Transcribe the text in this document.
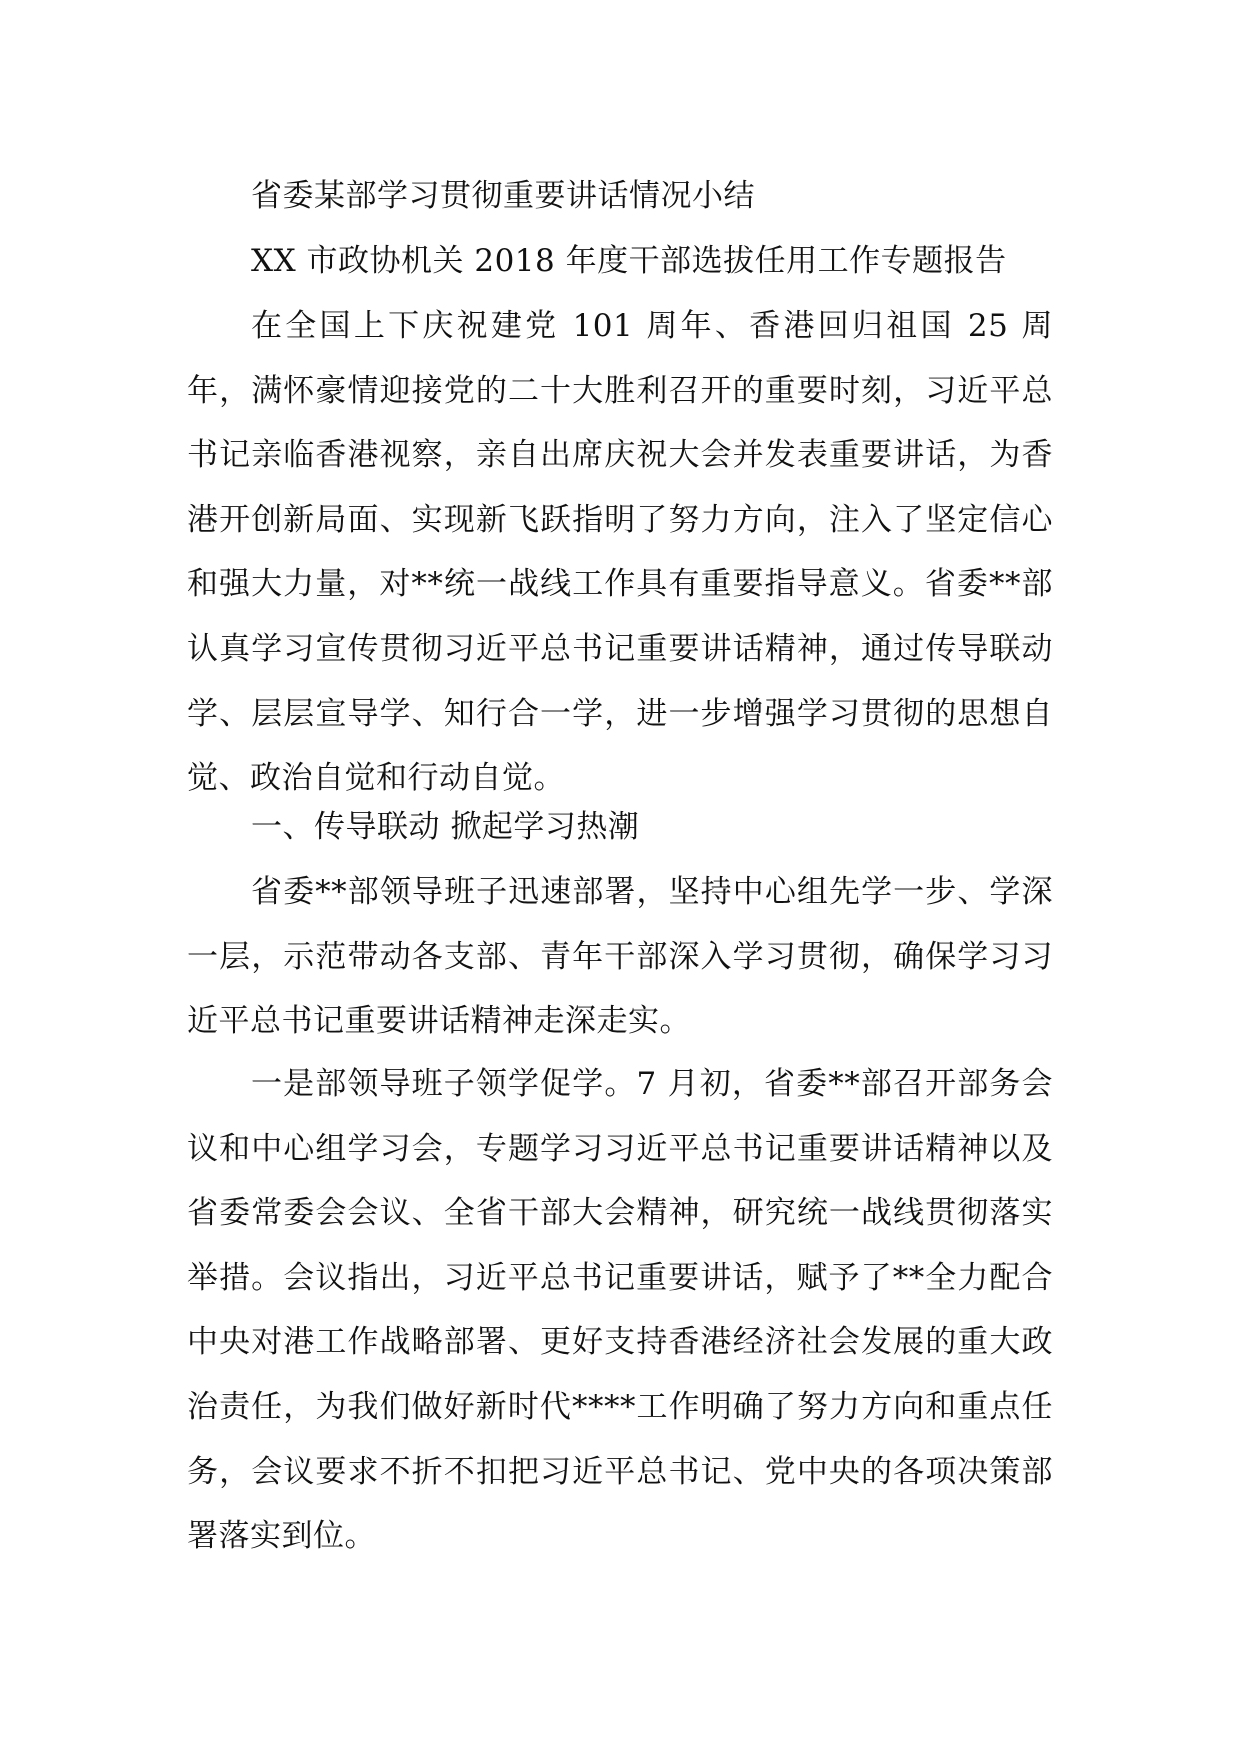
省委某部学习贯彻重要讲话情况小结

XX 市政协机关 2018 年度干部选拔任用工作专题报告

在全国上下庆祝建党 101 周年、香港回归祖国 25 周年，满怀豪情迎接党的二十大胜利召开的重要时刻，习近平总书记亲临香港视察，亲自出席庆祝大会并发表重要讲话，为香港开创新局面、实现新飞跃指明了努力方向，注入了坚定信心和强大力量，对**统一战线工作具有重要指导意义。省委**部认真学习宣传贯彻习近平总书记重要讲话精神，通过传导联动学、层层宣导学、知行合一学，进一步增强学习贯彻的思想自觉、政治自觉和行动自觉。

一、传导联动 掀起学习热潮

省委**部领导班子迅速部署，坚持中心组先学一步、学深一层，示范带动各支部、青年干部深入学习贯彻，确保学习习近平总书记重要讲话精神走深走实。

一是部领导班子领学促学。7 月初，省委**部召开部务会议和中心组学习会，专题学习习近平总书记重要讲话精神以及省委常委会会议、全省干部大会精神，研究统一战线贯彻落实举措。会议指出，习近平总书记重要讲话，赋予了**全力配合中央对港工作战略部署、更好支持香港经济社会发展的重大政治责任，为我们做好新时代****工作明确了努力方向和重点任务，会议要求不折不扣把习近平总书记、党中央的各项决策部署落实到位。
